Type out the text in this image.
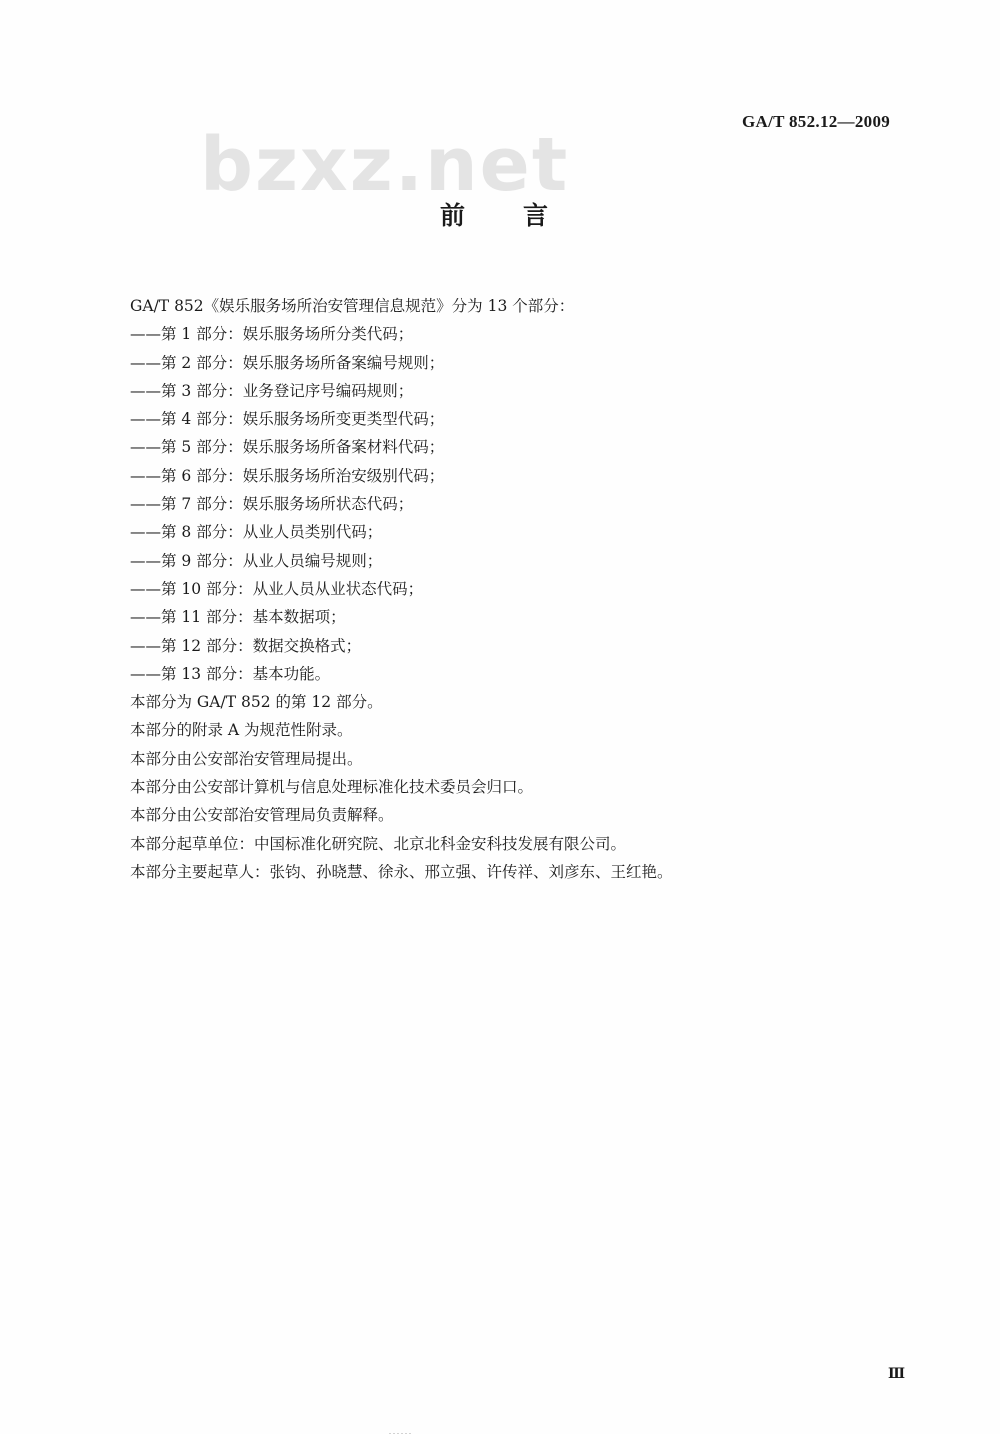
GA/T 852.12—2009
bzxz.net
前言
GA/T 852《娱乐服务场所治安管理信息规范》分为 13 个部分：
——第 1 部分：娱乐服务场所分类代码；
——第 2 部分：娱乐服务场所备案编号规则；
——第 3 部分：业务登记序号编码规则；
——第 4 部分：娱乐服务场所变更类型代码；
——第 5 部分：娱乐服务场所备案材料代码；
——第 6 部分：娱乐服务场所治安级别代码；
——第 7 部分：娱乐服务场所状态代码；
——第 8 部分：从业人员类别代码；
——第 9 部分：从业人员编号规则；
——第 10 部分：从业人员从业状态代码；
——第 11 部分：基本数据项；
——第 12 部分：数据交换格式；
——第 13 部分：基本功能。
本部分为 GA/T 852 的第 12 部分。
本部分的附录 A 为规范性附录。
本部分由公安部治安管理局提出。
本部分由公安部计算机与信息处理标准化技术委员会归口。
本部分由公安部治安管理局负责解释。
本部分起草单位：中国标准化研究院、北京北科金安科技发展有限公司。
本部分主要起草人：张钧、孙晓慧、徐永、邢立强、许传祥、刘彦东、王红艳。
Ⅲ
……
